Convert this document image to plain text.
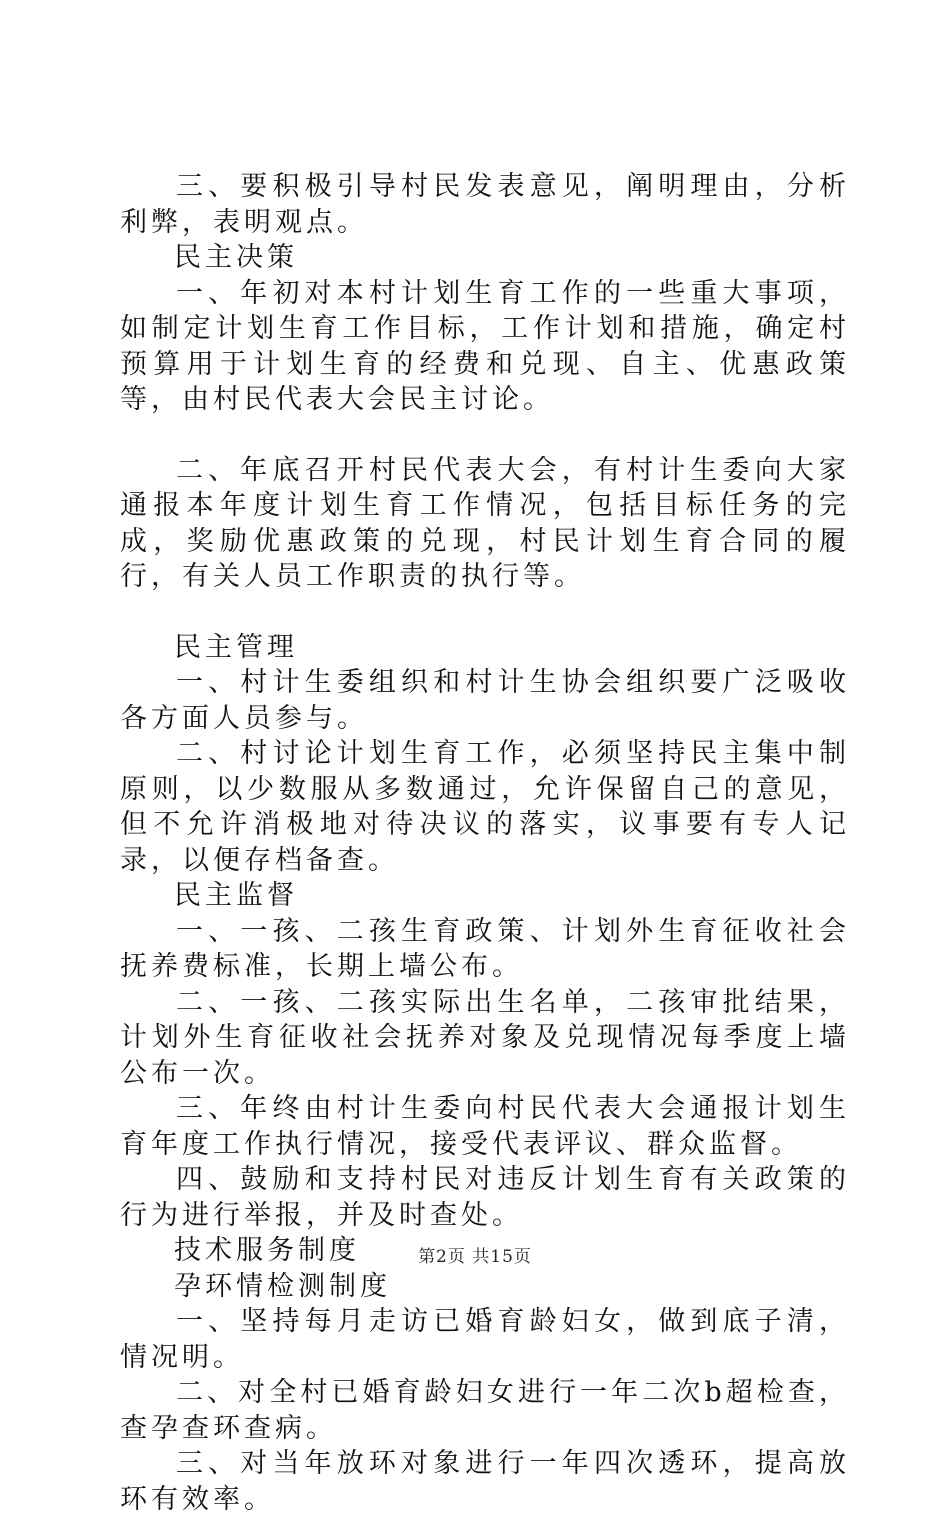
三、要积极引导村民发表意见，阐明理由，分析利弊，表明观点。

民主决策

一、年初对本村计划生育工作的一些重大事项，如制定计划生育工作目标，工作计划和措施，确定村预算用于计划生育的经费和兑现、自主、优惠政策等，由村民代表大会民主讨论。

二、年底召开村民代表大会，有村计生委向大家通报本年度计划生育工作情况，包括目标任务的完成，奖励优惠政策的兑现，村民计划生育合同的履行，有关人员工作职责的执行等。

民主管理

一、村计生委组织和村计生协会组织要广泛吸收各方面人员参与。

二、村讨论计划生育工作，必须坚持民主集中制原则，以少数服从多数通过，允许保留自己的意见，但不允许消极地对待决议的落实，议事要有专人记录，以便存档备查。

民主监督

一、一孩、二孩生育政策、计划外生育征收社会抚养费标准，长期上墙公布。

二、一孩、二孩实际出生名单，二孩审批结果，计划外生育征收社会抚养对象及兑现情况每季度上墙公布一次。

三、年终由村计生委向村民代表大会通报计划生育年度工作执行情况，接受代表评议、群众监督。

四、鼓励和支持村民对违反计划生育有关政策的行为进行举报，并及时查处。

技术服务制度

孕环情检测制度

一、坚持每月走访已婚育龄妇女，做到底子清，情况明。

二、对全村已婚育龄妇女进行一年二次b超检查，查孕查环查病。

三、对当年放环对象进行一年四次透环，提高放环有效率。

第2页 共15页
